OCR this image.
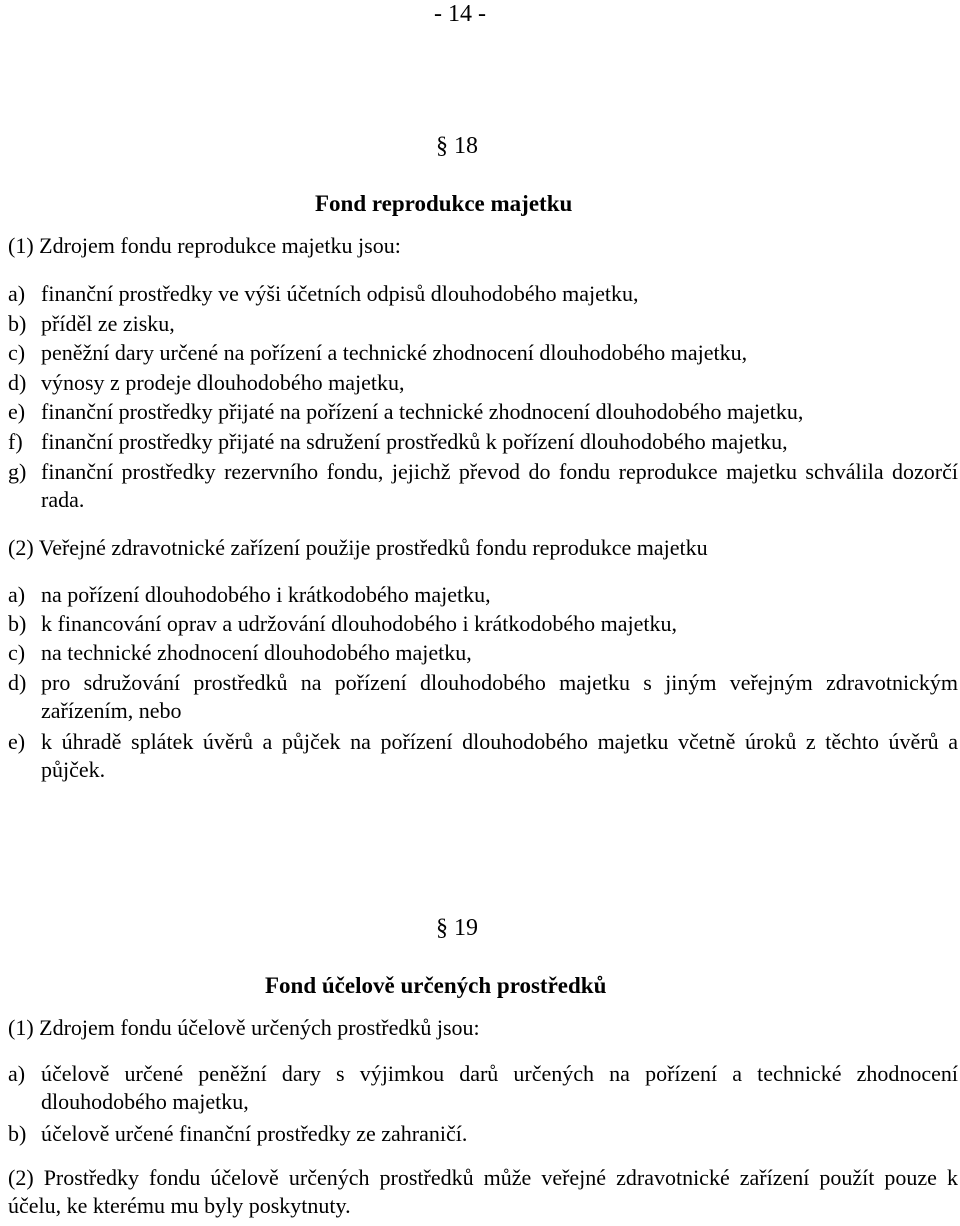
- 14 -
§ 18
Fond reprodukce majetku
(1) Zdrojem fondu reprodukce majetku jsou:
a) finanční prostředky ve výši účetních odpisů dlouhodobého majetku,
b) příděl ze zisku,
c) peněžní dary určené na pořízení a technické zhodnocení dlouhodobého majetku,
d) výnosy z prodeje dlouhodobého majetku,
e) finanční prostředky přijaté na pořízení a technické zhodnocení dlouhodobého majetku,
f) finanční prostředky přijaté na sdružení prostředků k pořízení dlouhodobého majetku,
g) finanční prostředky rezervního fondu, jejichž převod do fondu reprodukce majetku schválila dozorčí rada.
(2) Veřejné zdravotnické zařízení použije prostředků fondu reprodukce majetku
a) na pořízení dlouhodobého i krátkodobého majetku,
b) k financování oprav a udržování dlouhodobého i krátkodobého majetku,
c) na technické zhodnocení dlouhodobého majetku,
d) pro sdružování prostředků na pořízení dlouhodobého majetku s jiným veřejným zdravotnickým zařízením, nebo
e) k úhradě splátek úvěrů a půjček na pořízení dlouhodobého majetku včetně úroků z těchto úvěrů a půjček.
§ 19
Fond účelově určených prostředků
(1) Zdrojem fondu účelově určených prostředků jsou:
a) účelově určené peněžní dary s výjimkou darů určených na pořízení a technické zhodnocení dlouhodobého majetku,
b) účelově určené finanční prostředky ze zahraničí.
(2) Prostředky fondu účelově určených prostředků může veřejné zdravotnické zařízení použít pouze k účelu, ke kterému mu byly poskytnuty.
